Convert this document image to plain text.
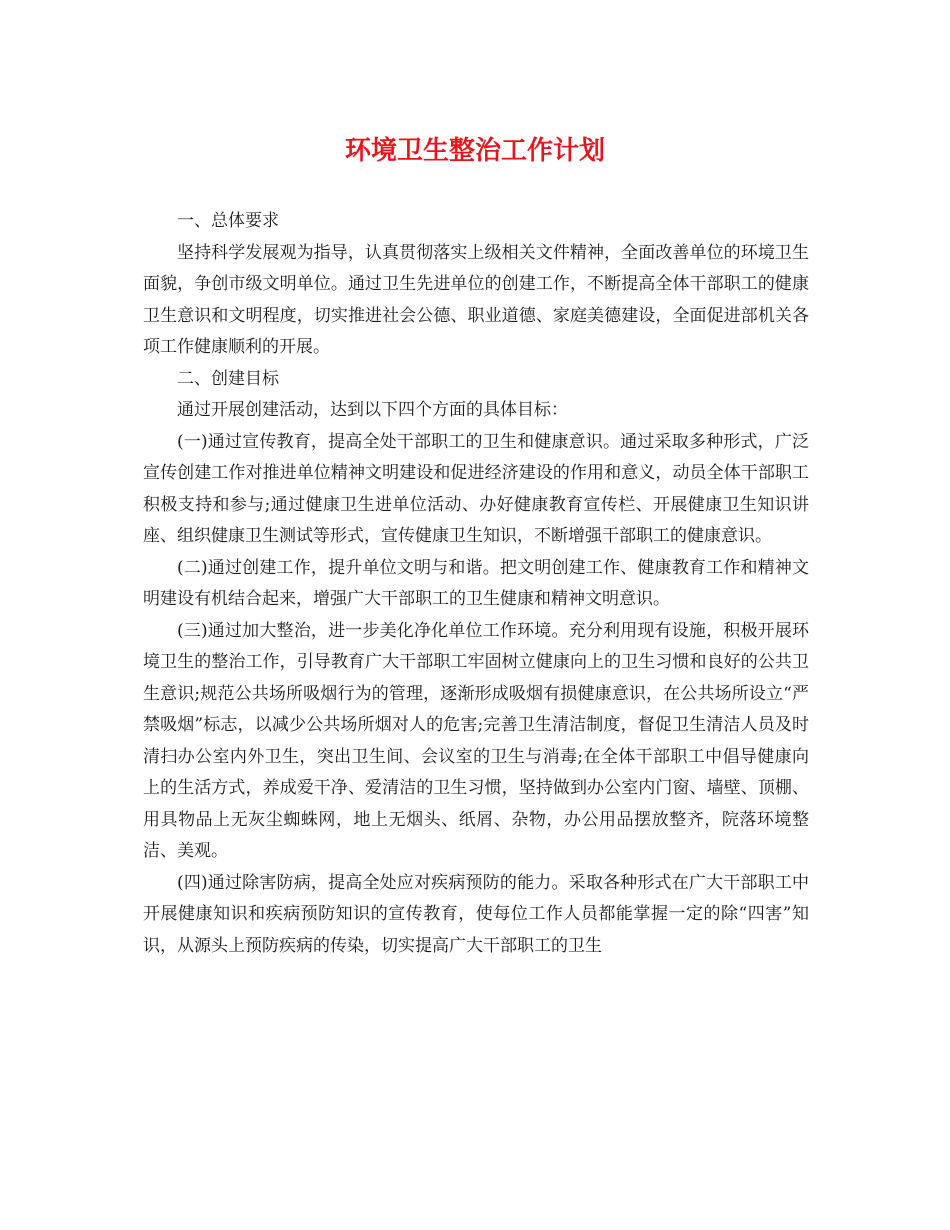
环境卫生整治工作计划

一、总体要求

坚持科学发展观为指导，认真贯彻落实上级相关文件精神，全面改善单位的环境卫生面貌，争创市级文明单位。通过卫生先进单位的创建工作，不断提高全体干部职工的健康卫生意识和文明程度，切实推进社会公德、职业道德、家庭美德建设，全面促进部机关各项工作健康顺利的开展。

二、创建目标

通过开展创建活动，达到以下四个方面的具体目标：

(一)通过宣传教育，提高全处干部职工的卫生和健康意识。通过采取多种形式，广泛宣传创建工作对推进单位精神文明建设和促进经济建设的作用和意义，动员全体干部职工积极支持和参与;通过健康卫生进单位活动、办好健康教育宣传栏、开展健康卫生知识讲座、组织健康卫生测试等形式，宣传健康卫生知识，不断增强干部职工的健康意识。

(二)通过创建工作，提升单位文明与和谐。把文明创建工作、健康教育工作和精神文明建设有机结合起来，增强广大干部职工的卫生健康和精神文明意识。

(三)通过加大整治，进一步美化净化单位工作环境。充分利用现有设施，积极开展环境卫生的整治工作，引导教育广大干部职工牢固树立健康向上的卫生习惯和良好的公共卫生意识;规范公共场所吸烟行为的管理，逐渐形成吸烟有损健康意识，在公共场所设立“严禁吸烟”标志，以减少公共场所烟对人的危害;完善卫生清洁制度，督促卫生清洁人员及时清扫办公室内外卫生，突出卫生间、会议室的卫生与消毒;在全体干部职工中倡导健康向上的生活方式，养成爱干净、爱清洁的卫生习惯，坚持做到办公室内门窗、墙壁、顶棚、用具物品上无灰尘蜘蛛网，地上无烟头、纸屑、杂物，办公用品摆放整齐，院落环境整洁、美观。

(四)通过除害防病，提高全处应对疾病预防的能力。采取各种形式在广大干部职工中开展健康知识和疾病预防知识的宣传教育，使每位工作人员都能掌握一定的除“四害”知识，从源头上预防疾病的传染，切实提高广大干部职工的卫生
